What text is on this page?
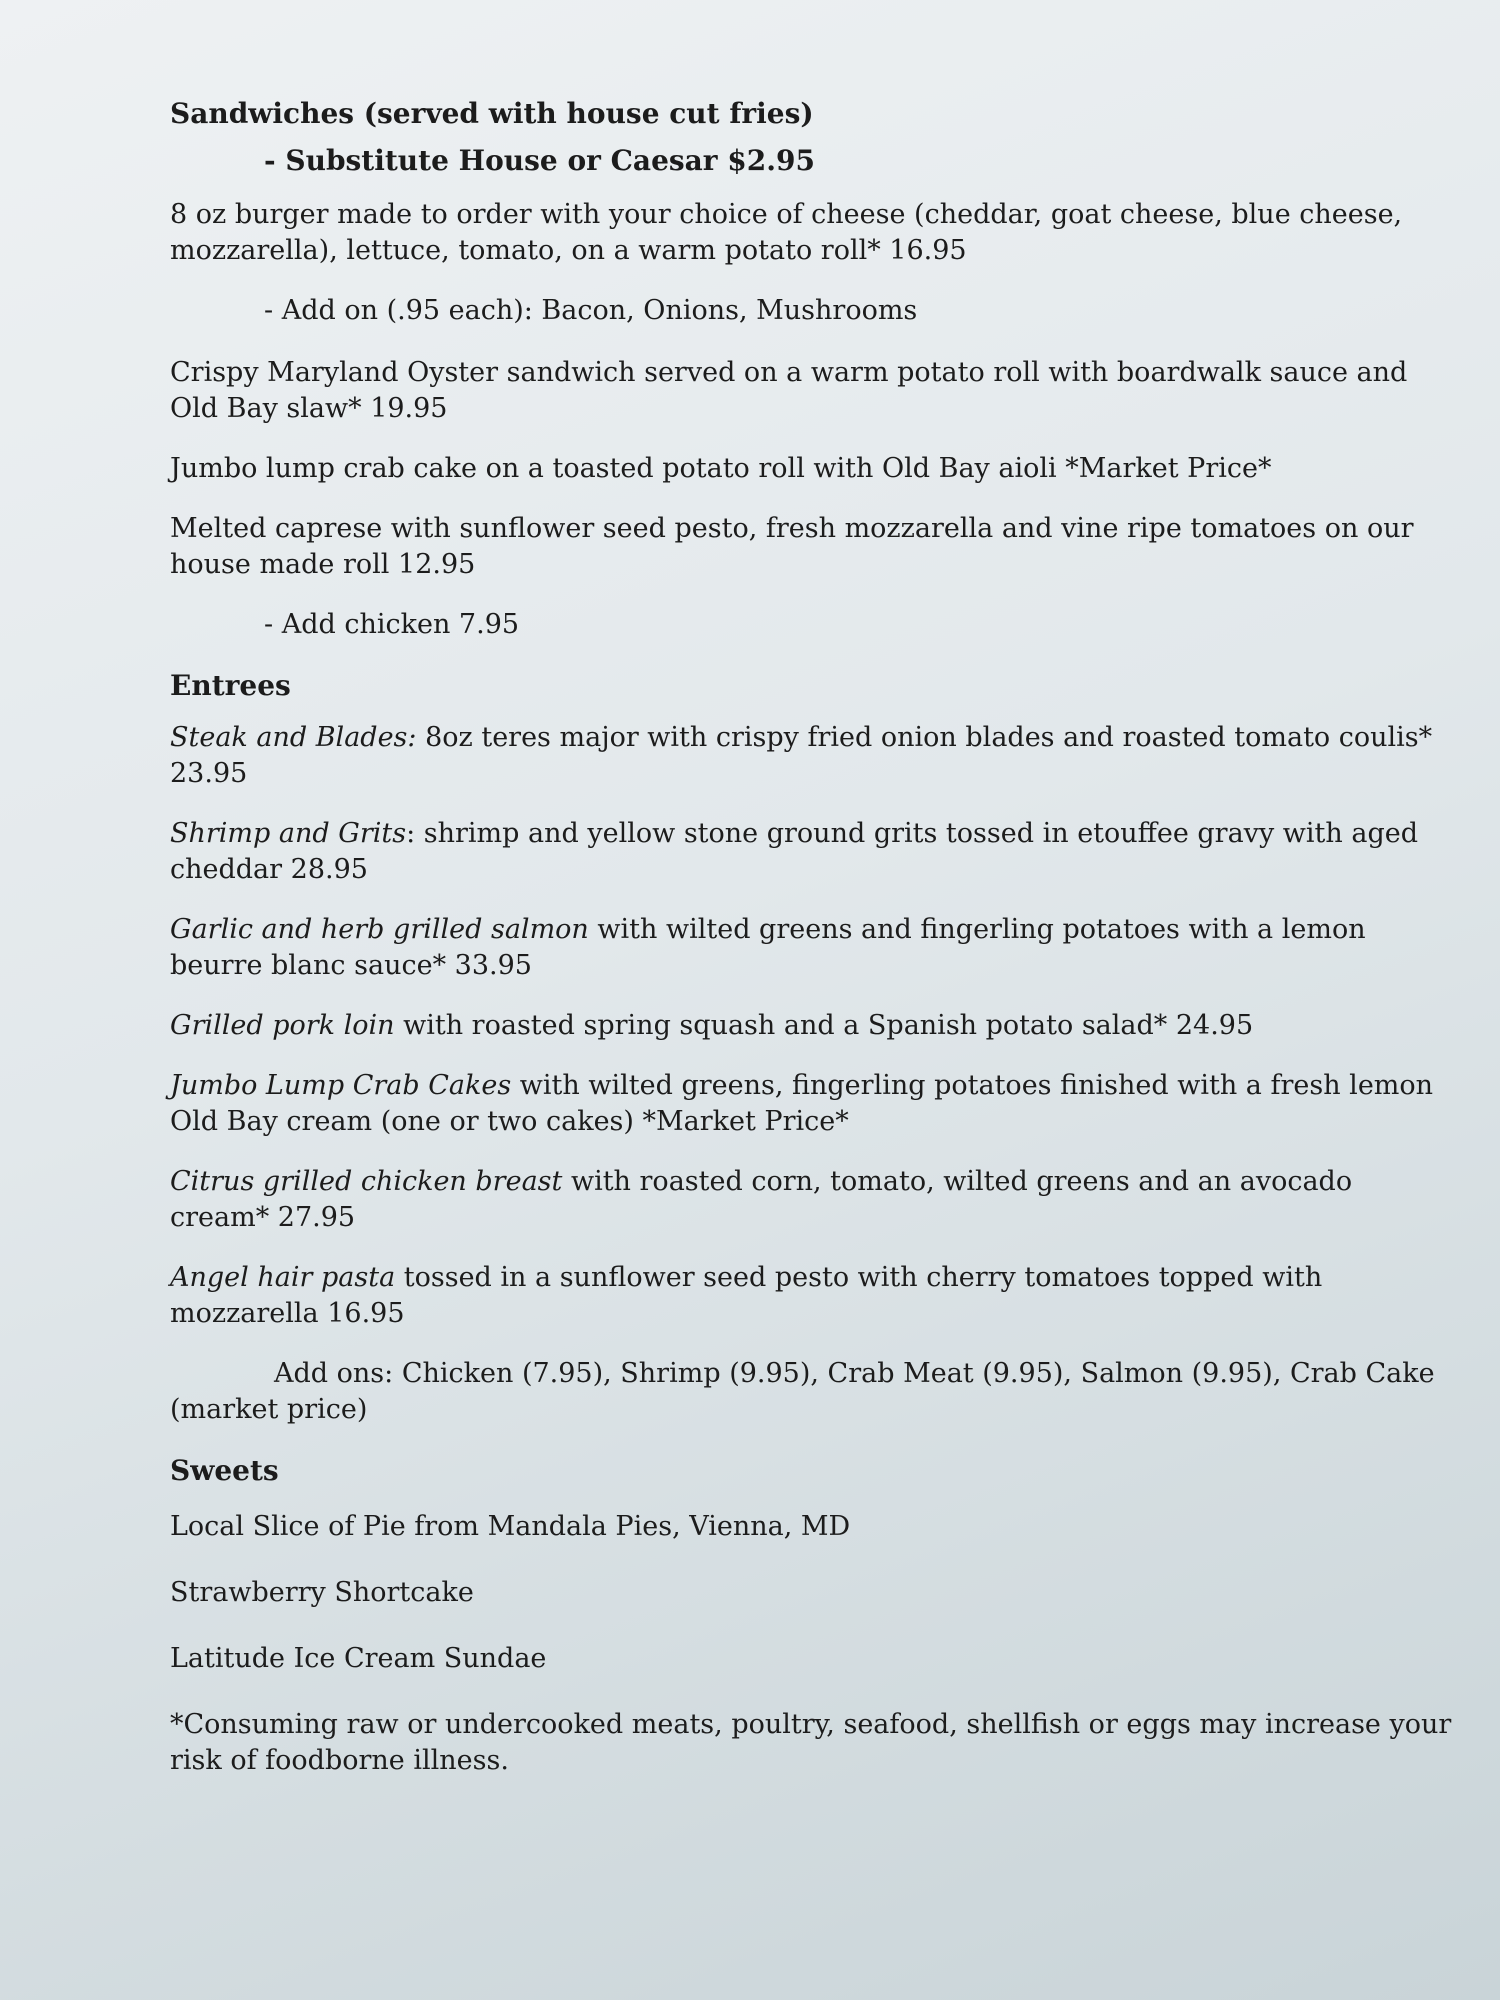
Sandwiches (served with house cut fries)
- Substitute House or Caesar $2.95
8 oz burger made to order with your choice of cheese (cheddar, goat cheese, blue cheese, mozzarella), lettuce, tomato, on a warm potato roll* 16.95
- Add on (.95 each): Bacon, Onions, Mushrooms
Crispy Maryland Oyster sandwich served on a warm potato roll with boardwalk sauce and Old Bay slaw* 19.95
Jumbo lump crab cake on a toasted potato roll with Old Bay aioli *Market Price*
Melted caprese with sunflower seed pesto, fresh mozzarella and vine ripe tomatoes on our house made roll 12.95
- Add chicken 7.95
Entrees
Steak and Blades: 8oz teres major with crispy fried onion blades and roasted tomato coulis* 23.95
Shrimp and Grits: shrimp and yellow stone ground grits tossed in etouffee gravy with aged cheddar 28.95
Garlic and herb grilled salmon with wilted greens and fingerling potatoes with a lemon beurre blanc sauce* 33.95
Grilled pork loin with roasted spring squash and a Spanish potato salad* 24.95
Jumbo Lump Crab Cakes with wilted greens, fingerling potatoes finished with a fresh lemon Old Bay cream (one or two cakes) *Market Price*
Citrus grilled chicken breast with roasted corn, tomato, wilted greens and an avocado cream* 27.95
Angel hair pasta tossed in a sunflower seed pesto with cherry tomatoes topped with mozzarella 16.95
Add ons: Chicken (7.95), Shrimp (9.95), Crab Meat (9.95), Salmon (9.95), Crab Cake (market price)
Sweets
Local Slice of Pie from Mandala Pies, Vienna, MD
Strawberry Shortcake
Latitude Ice Cream Sundae
*Consuming raw or undercooked meats, poultry, seafood, shellfish or eggs may increase your risk of foodborne illness.
